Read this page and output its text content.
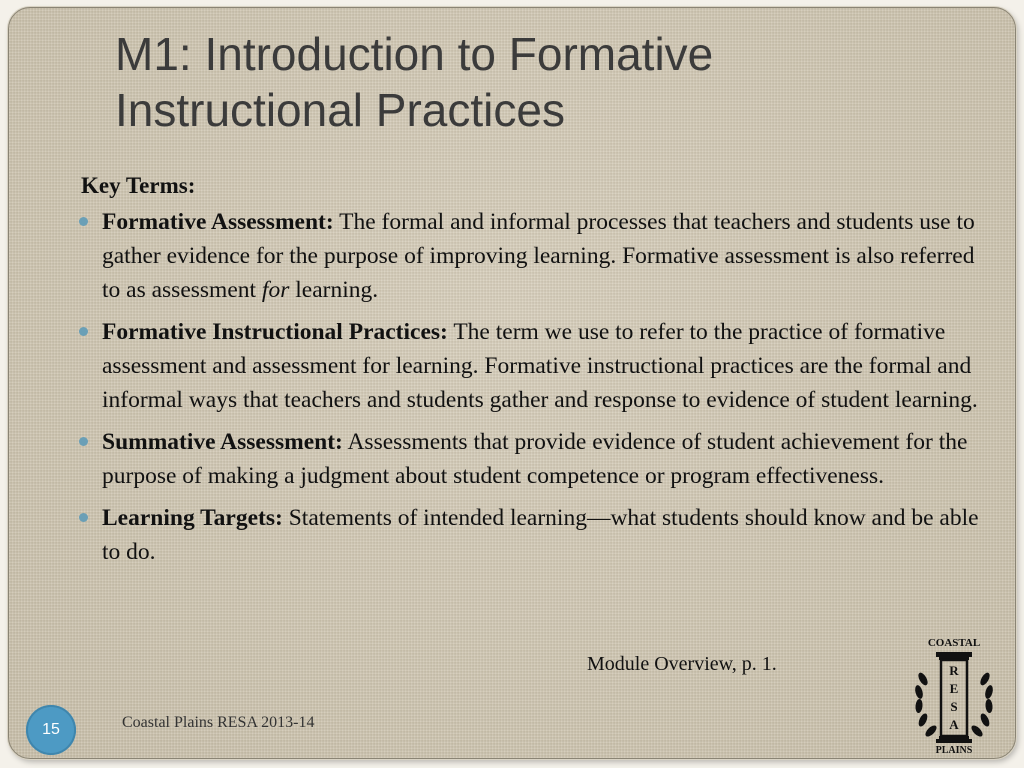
M1: Introduction to Formative
Instructional Practices
Key Terms:
Formative Assessment: The formal and informal processes that teachers and students use to gather evidence for the purpose of improving learning. Formative assessment is also referred to as assessment for learning.
Formative Instructional Practices: The term we use to refer to the practice of formative assessment and assessment for learning. Formative instructional practices are the formal and informal ways that teachers and students gather and response to evidence of student learning.
Summative Assessment: Assessments that provide evidence of student achievement for the purpose of making a judgment about student competence or program effectiveness.
Learning Targets: Statements of intended learning—what students should know and be able to do.
Module Overview, p. 1.
15	Coastal Plains RESA 2013-14
COASTAL
R
E
S
A
PLAINS
